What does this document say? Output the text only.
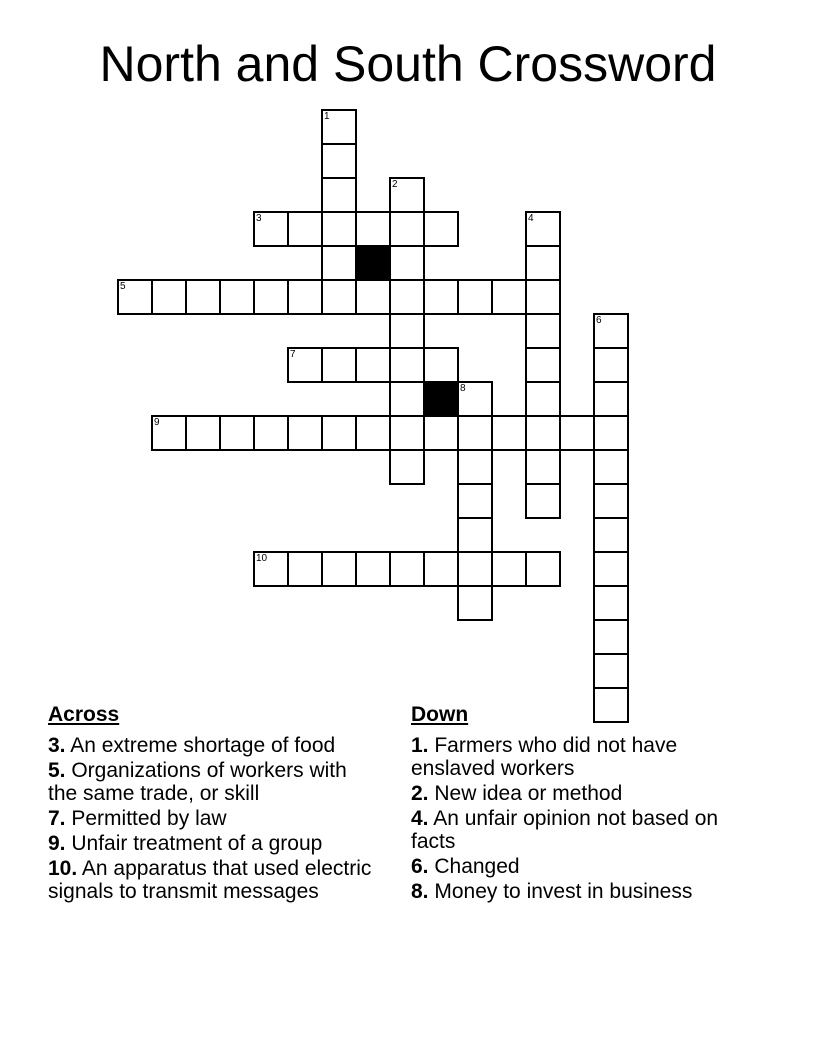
North and South Crossword
1
2
3	4
5
6
7
8
9
10
Across
3. An extreme shortage of food
5. Organizations of workers with the same trade, or skill
7. Permitted by law
9. Unfair treatment of a group
10. An apparatus that used electric signals to transmit messages
Down
1. Farmers who did not have enslaved workers
2. New idea or method
4. An unfair opinion not based on facts
6. Changed
8. Money to invest in business
